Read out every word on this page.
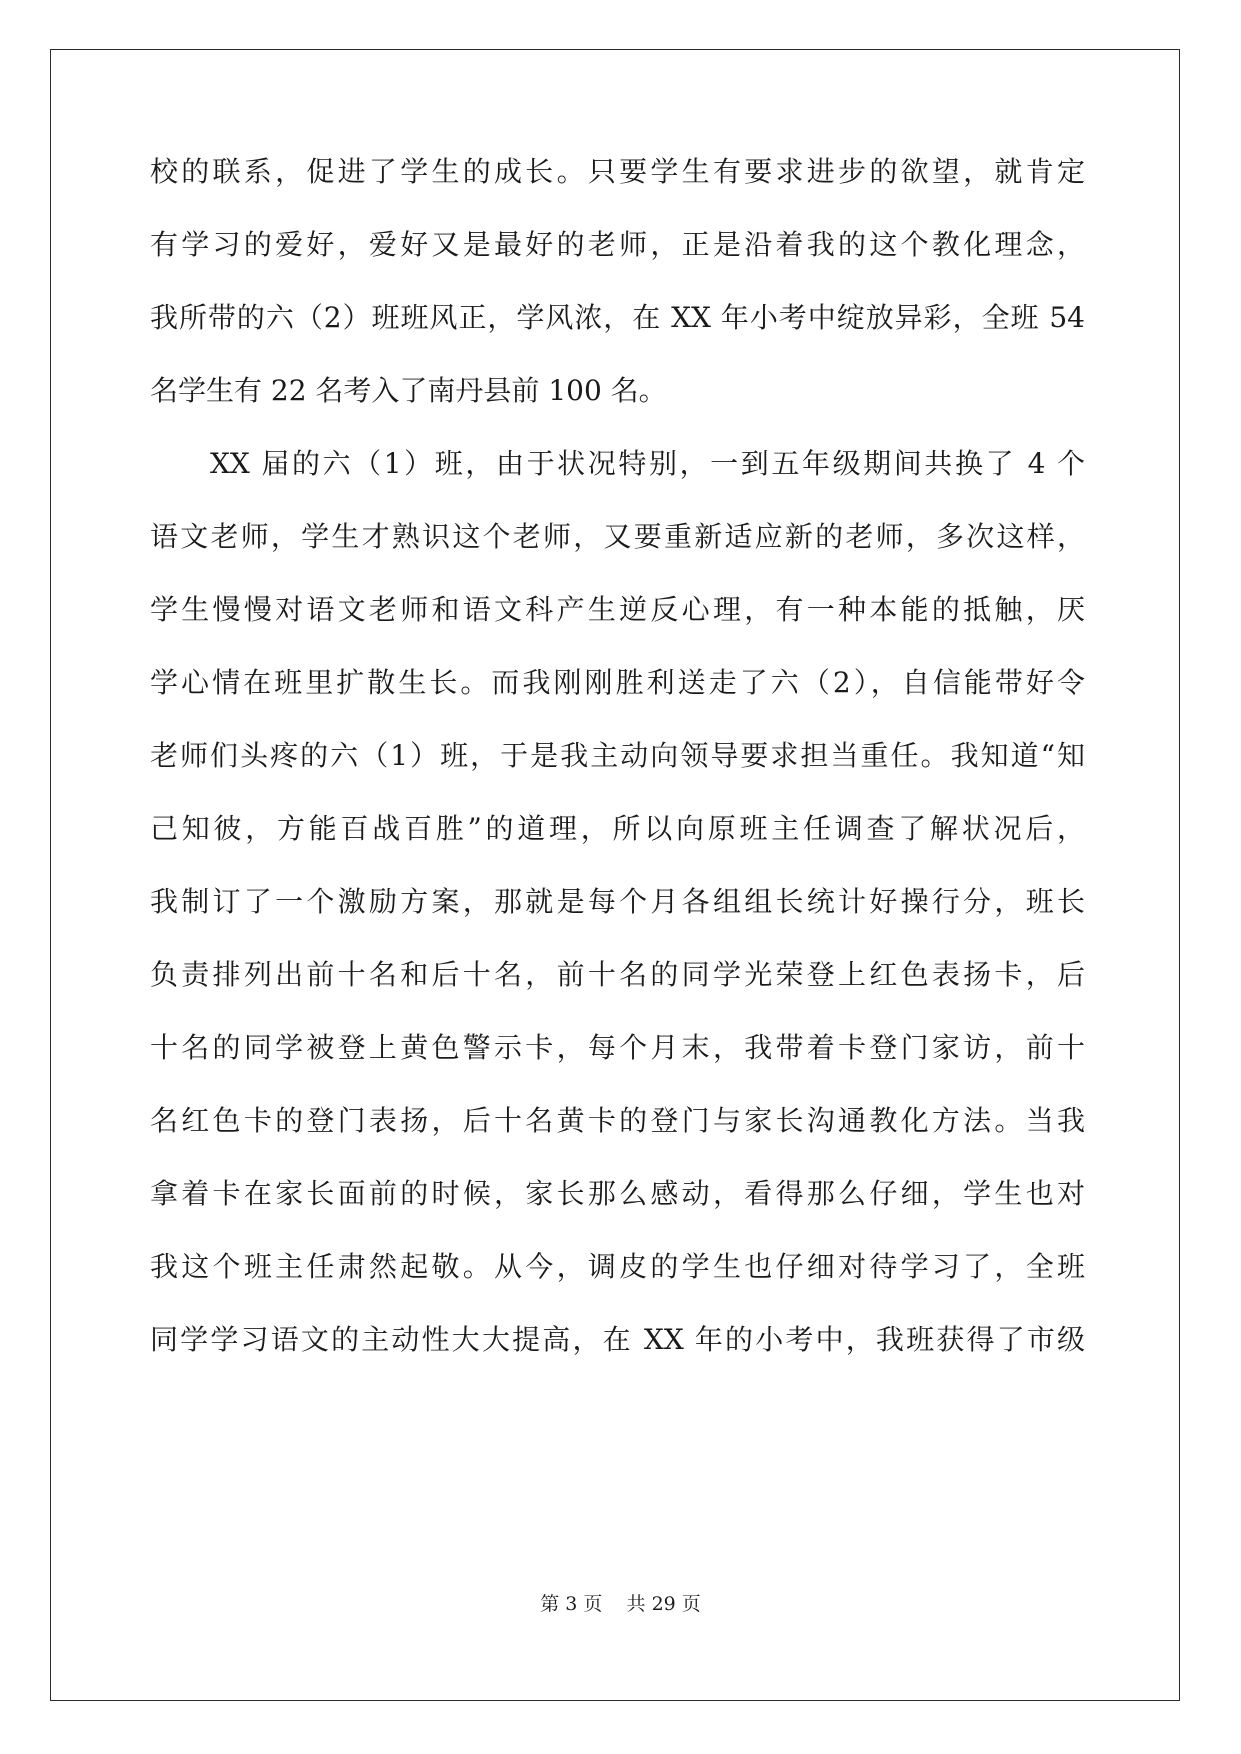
校的联系，促进了学生的成长。只要学生有要求进步的欲望，就肯定
有学习的爱好，爱好又是最好的老师，正是沿着我的这个教化理念，
我所带的六（2）班班风正，学风浓，在 XX 年小考中绽放异彩，全班 54
名学生有 22 名考入了南丹县前 100 名。
XX 届的六（1）班，由于状况特别，一到五年级期间共换了 4 个
语文老师，学生才熟识这个老师，又要重新适应新的老师，多次这样，
学生慢慢对语文老师和语文科产生逆反心理，有一种本能的抵触，厌
学心情在班里扩散生长。而我刚刚胜利送走了六（2），自信能带好令
老师们头疼的六（1）班，于是我主动向领导要求担当重任。我知道“知
己知彼，方能百战百胜”的道理，所以向原班主任调查了解状况后，
我制订了一个激励方案，那就是每个月各组组长统计好操行分，班长
负责排列出前十名和后十名，前十名的同学光荣登上红色表扬卡，后
十名的同学被登上黄色警示卡，每个月末，我带着卡登门家访，前十
名红色卡的登门表扬，后十名黄卡的登门与家长沟通教化方法。当我
拿着卡在家长面前的时候，家长那么感动，看得那么仔细，学生也对
我这个班主任肃然起敬。从今，调皮的学生也仔细对待学习了，全班
同学学习语文的主动性大大提高，在 XX 年的小考中，我班获得了市级
第 3 页 共 29 页
